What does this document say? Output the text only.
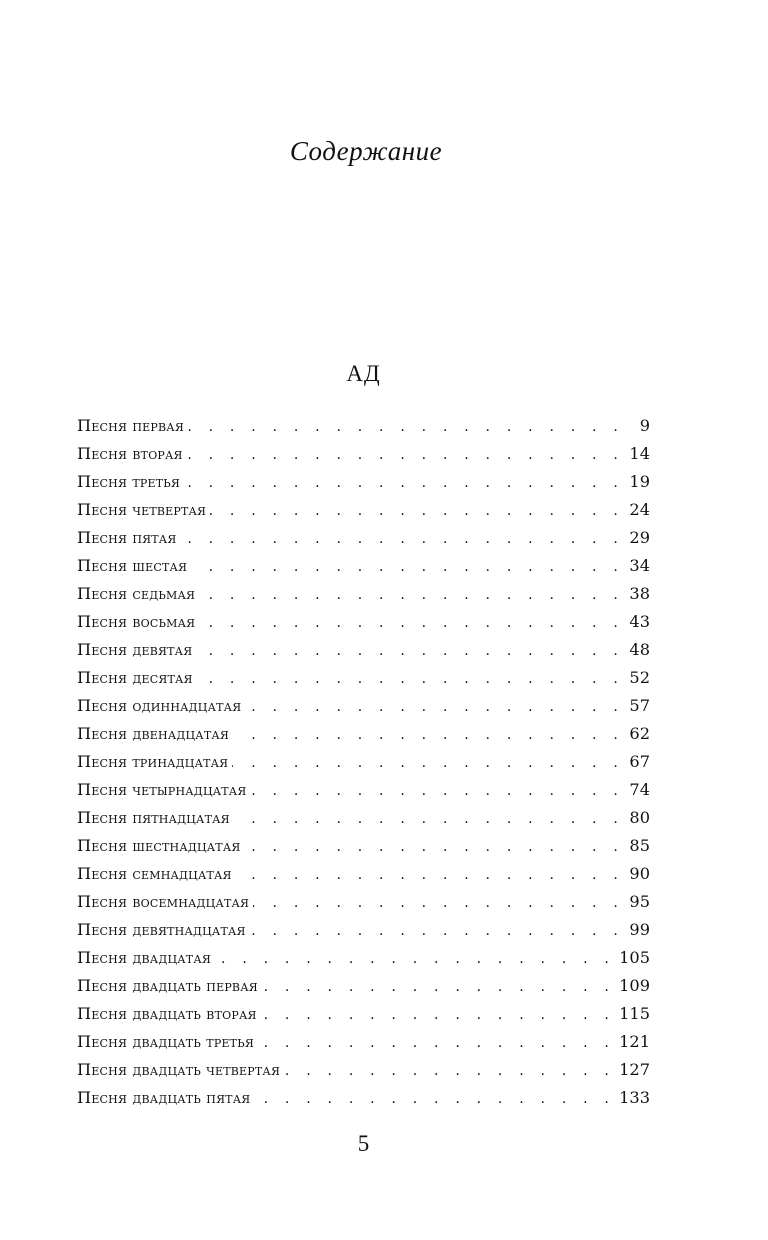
Содержание
АД
Песня первая . . .	9
Песня вторая . . .	14
Песня третья . . .	19
Песня четвертая . . .	24
Песня пятая . . .	29
Песня шестая . . .	34
Песня седьмая . . .	38
Песня восьмая . . .	43
Песня девятая . . .	48
Песня десятая . . .	52
Песня одиннадцатая . . .	57
Песня двенадцатая . . .	62
Песня тринадцатая . . .	67
Песня четырнадцатая . . .	74
Песня пятнадцатая . . .	80
Песня шестнадцатая . . .	85
Песня семнадцатая . . .	90
Песня восемнадцатая . . .	95
Песня девятнадцатая . . .	99
Песня двадцатая . . .	105
Песня двадцать первая . . .	109
Песня двадцать вторая . . .	115
Песня двадцать третья . . .	121
Песня двадцать четвертая . . .	127
Песня двадцать пятая . . .	133
5
